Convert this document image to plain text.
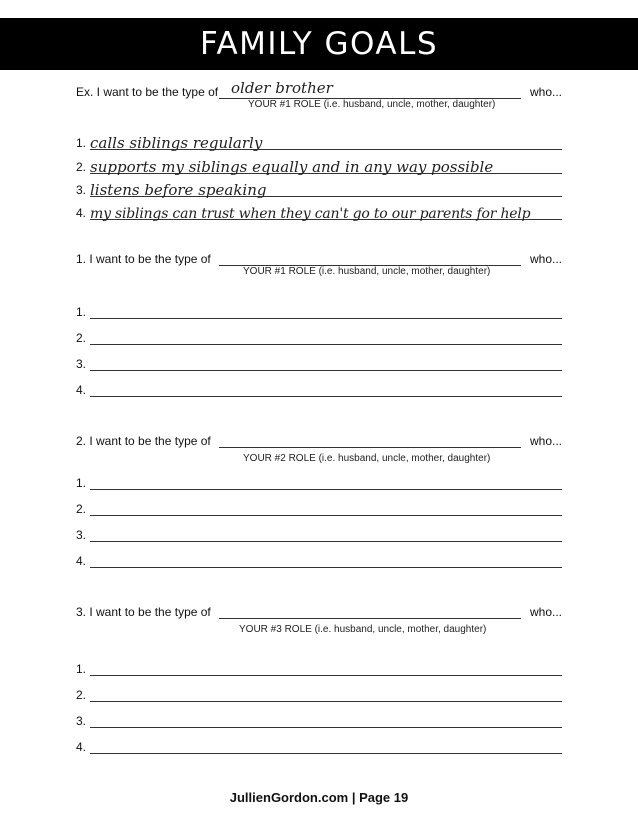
FAMILY GOALS
Ex. I want to be the type of older brother	who...
YOUR #1 ROLE (i.e. husband, uncle, mother, daughter)
1. calls siblings regularly
2. supports my siblings equally and in any way possible
3. listens before speaking
4. my siblings can trust when they can't go to our parents for help
1. I want to be the type of	who...
YOUR #1 ROLE (i.e. husband, uncle, mother, daughter)
1.
2.
3.
4.
2. I want to be the type of	who...
YOUR #2 ROLE (i.e. husband, uncle, mother, daughter)
1.
2.
3.
4.
3. I want to be the type of	who...
YOUR #3 ROLE (i.e. husband, uncle, mother, daughter)
1.
2.
3.
4.
JullienGordon.com | Page 19
